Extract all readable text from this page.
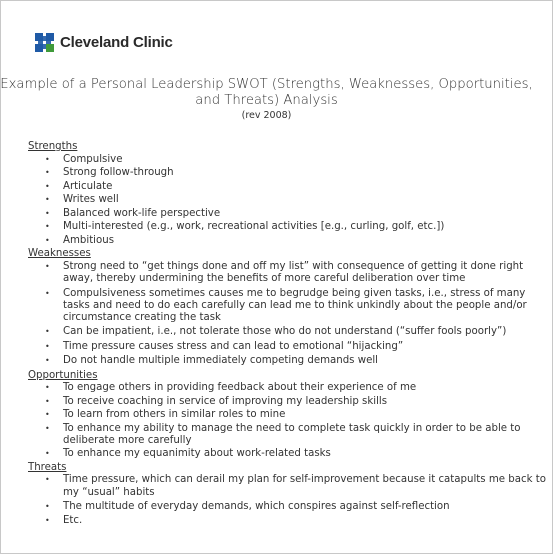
Cleveland Clinic
Example of a Personal Leadership SWOT (Strengths, Weaknesses, Opportunities, and Threats) Analysis
(rev 2008)
Strengths
• Compulsive
• Strong follow-through
• Articulate
• Writes well
• Balanced work-life perspective
• Multi-interested (e.g., work, recreational activities [e.g., curling, golf, etc.])
• Ambitious
Weaknesses
• Strong need to “get things done and off my list” with consequence of getting it done right away, thereby undermining the benefits of more careful deliberation over time
• Compulsiveness sometimes causes me to begrudge being given tasks, i.e., stress of many tasks and need to do each carefully can lead me to think unkindly about the people and/or circumstance creating the task
• Can be impatient, i.e., not tolerate those who do not understand (“suffer fools poorly”)
• Time pressure causes stress and can lead to emotional “hijacking”
• Do not handle multiple immediately competing demands well
Opportunities
• To engage others in providing feedback about their experience of me
• To receive coaching in service of improving my leadership skills
• To learn from others in similar roles to mine
• To enhance my ability to manage the need to complete task quickly in order to be able to deliberate more carefully
• To enhance my equanimity about work-related tasks
Threats
• Time pressure, which can derail my plan for self-improvement because it catapults me back to my “usual” habits
• The multitude of everyday demands, which conspires against self-reflection
• Etc.
